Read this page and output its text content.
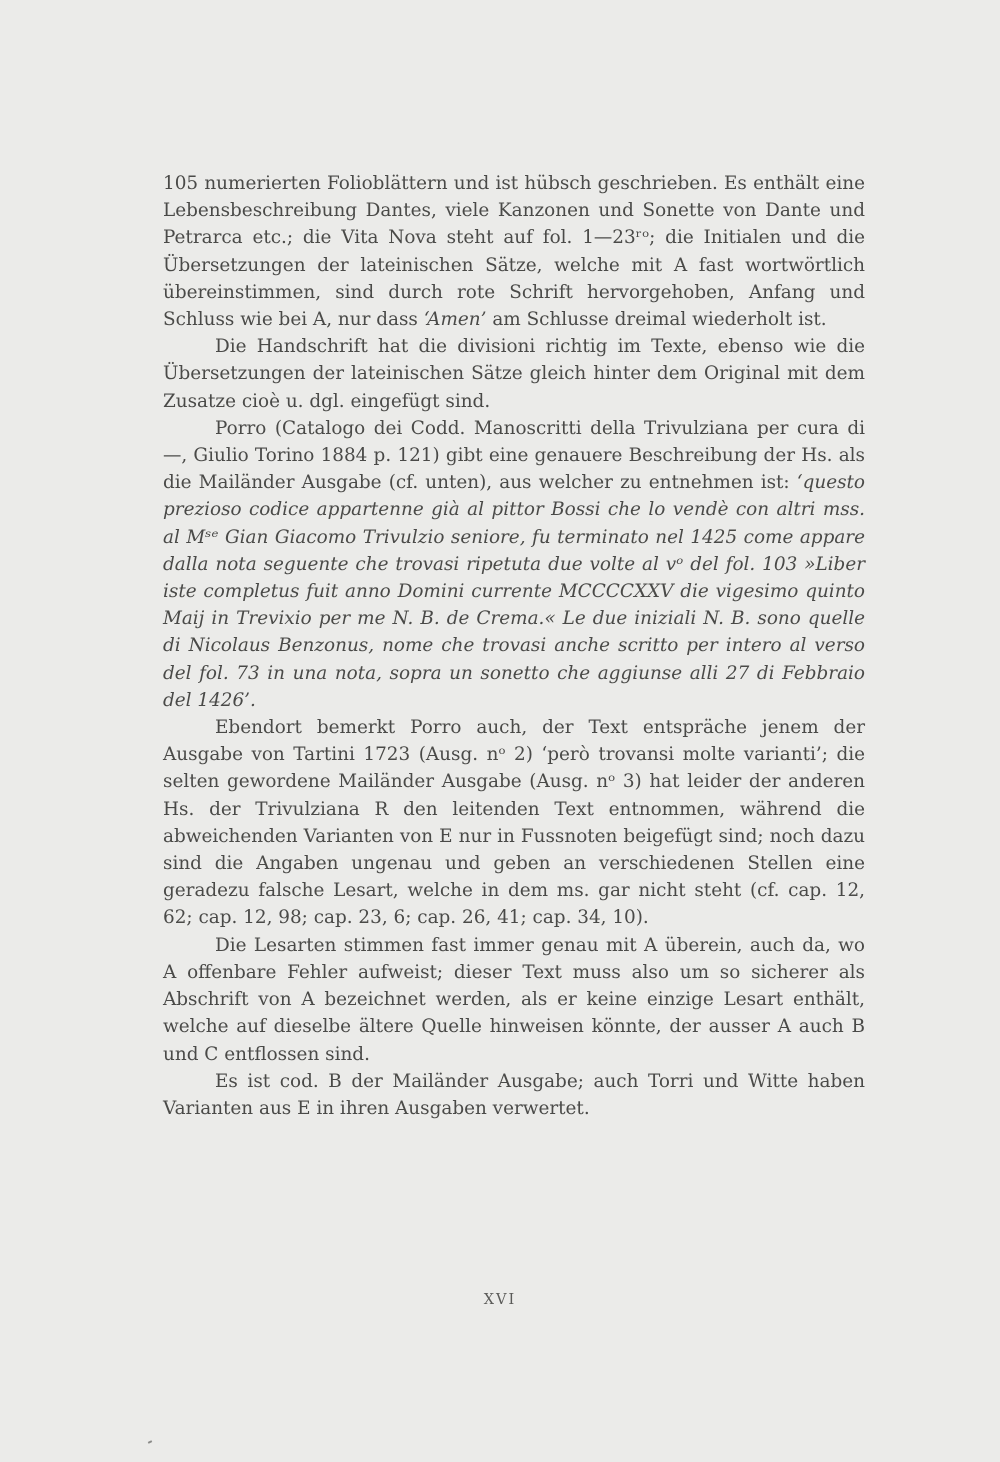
105 numerierten Folioblättern und ist hübsch geschrieben. Es enthält eine Lebensbeschreibung Dantes, viele Kanzonen und Sonette von Dante und Petrarca etc.; die Vita Nova steht auf fol. 1—23ʳᵒ; die Initialen und die Übersetzungen der lateinischen Sätze, welche mit A fast wortwörtlich übereinstimmen, sind durch rote Schrift hervorgehoben, Anfang und Schluss wie bei A, nur dass ‘Amen’ am Schlusse dreimal wiederholt ist.

Die Handschrift hat die divisioni richtig im Texte, ebenso wie die Übersetzungen der lateinischen Sätze gleich hinter dem Original mit dem Zusatze cioè u. dgl. eingefügt sind.

Porro (Catalogo dei Codd. Manoscritti della Trivulziana per cura di —, Giulio Torino 1884 p. 121) gibt eine genauere Beschreibung der Hs. als die Mailänder Ausgabe (cf. unten), aus welcher zu entnehmen ist: ‘questo prezioso codice appartenne già al pittor Bossi che lo vendè con altri mss. al Mˢᵉ Gian Giacomo Trivulzio seniore, fu terminato nel 1425 come appare dalla nota seguente che trovasi ripetuta due volte al vᵒ del fol. 103 »Liber iste completus fuit anno Domini currente MCCCCXXV die vigesimo quinto Maij in Trevixio per me N. B. de Crema.« Le due iniziali N. B. sono quelle di Nicolaus Benzonus, nome che trovasi anche scritto per intero al verso del fol. 73 in una nota, sopra un sonetto che aggiunse alli 27 di Febbraio del 1426’.

Ebendort bemerkt Porro auch, der Text entspräche jenem der Ausgabe von Tartini 1723 (Ausg. nᵒ 2) ‘però trovansi molte varianti’; die selten gewordene Mailänder Ausgabe (Ausg. nᵒ 3) hat leider der anderen Hs. der Trivulziana R den leitenden Text entnommen, während die abweichenden Varianten von E nur in Fussnoten beigefügt sind; noch dazu sind die Angaben ungenau und geben an verschiedenen Stellen eine geradezu falsche Lesart, welche in dem ms. gar nicht steht (cf. cap. 12, 62; cap. 12, 98; cap. 23, 6; cap. 26, 41; cap. 34, 10).

Die Lesarten stimmen fast immer genau mit A überein, auch da, wo A offenbare Fehler aufweist; dieser Text muss also um so sicherer als Abschrift von A bezeichnet werden, als er keine einzige Lesart enthält, welche auf dieselbe ältere Quelle hinweisen könnte, der ausser A auch B und C entflossen sind.

Es ist cod. B der Mailänder Ausgabe; auch Torri und Witte haben Varianten aus E in ihren Ausgaben verwertet.

XVI
